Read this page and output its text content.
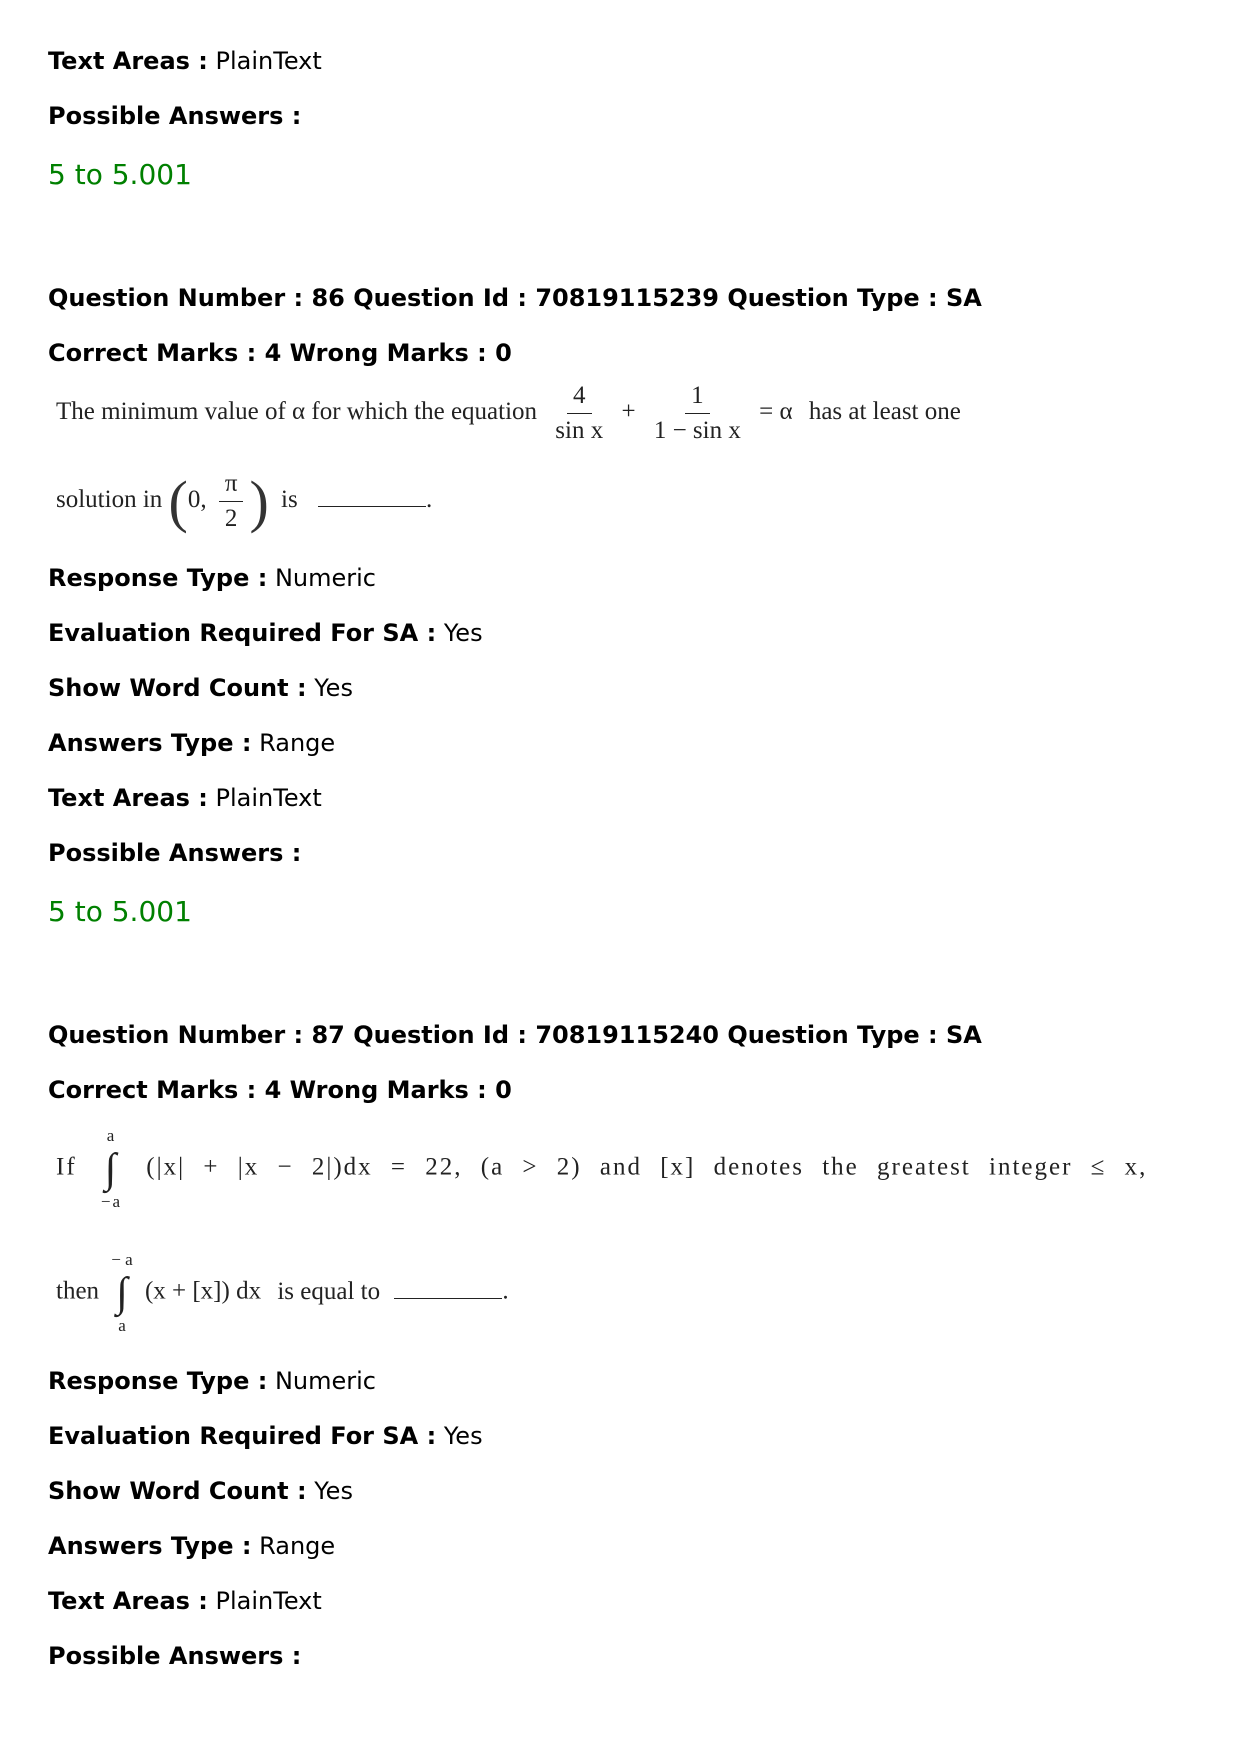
Text Areas : PlainText
Possible Answers :
5 to 5.001
Question Number : 86 Question Id : 70819115239 Question Type : SA
Correct Marks : 4 Wrong Marks : 0
The minimum value of α for which the equation $\frac{4}{\text{sin x}} + \frac{1}{\text{1 − sin x}} = \alpha$ has at least one
solution in (0, $\frac{\pi}{2}$ ) is	.
Response Type : Numeric
Evaluation Required For SA : Yes
Show Word Count : Yes
Answers Type : Range
Text Areas : PlainText
Possible Answers :
5 to 5.001
Question Number : 87 Question Id : 70819115240 Question Type : SA
Correct Marks : 4 Wrong Marks : 0
If
a
∫
−a
(|x| + |x − 2|)dx = 22, (a > 2) and [x] denotes the greatest integer ≤ x,
then
− a
∫
a
(x + [x]) dx is equal to	.
Response Type : Numeric
Evaluation Required For SA : Yes
Show Word Count : Yes
Answers Type : Range
Text Areas : PlainText
Possible Answers :
